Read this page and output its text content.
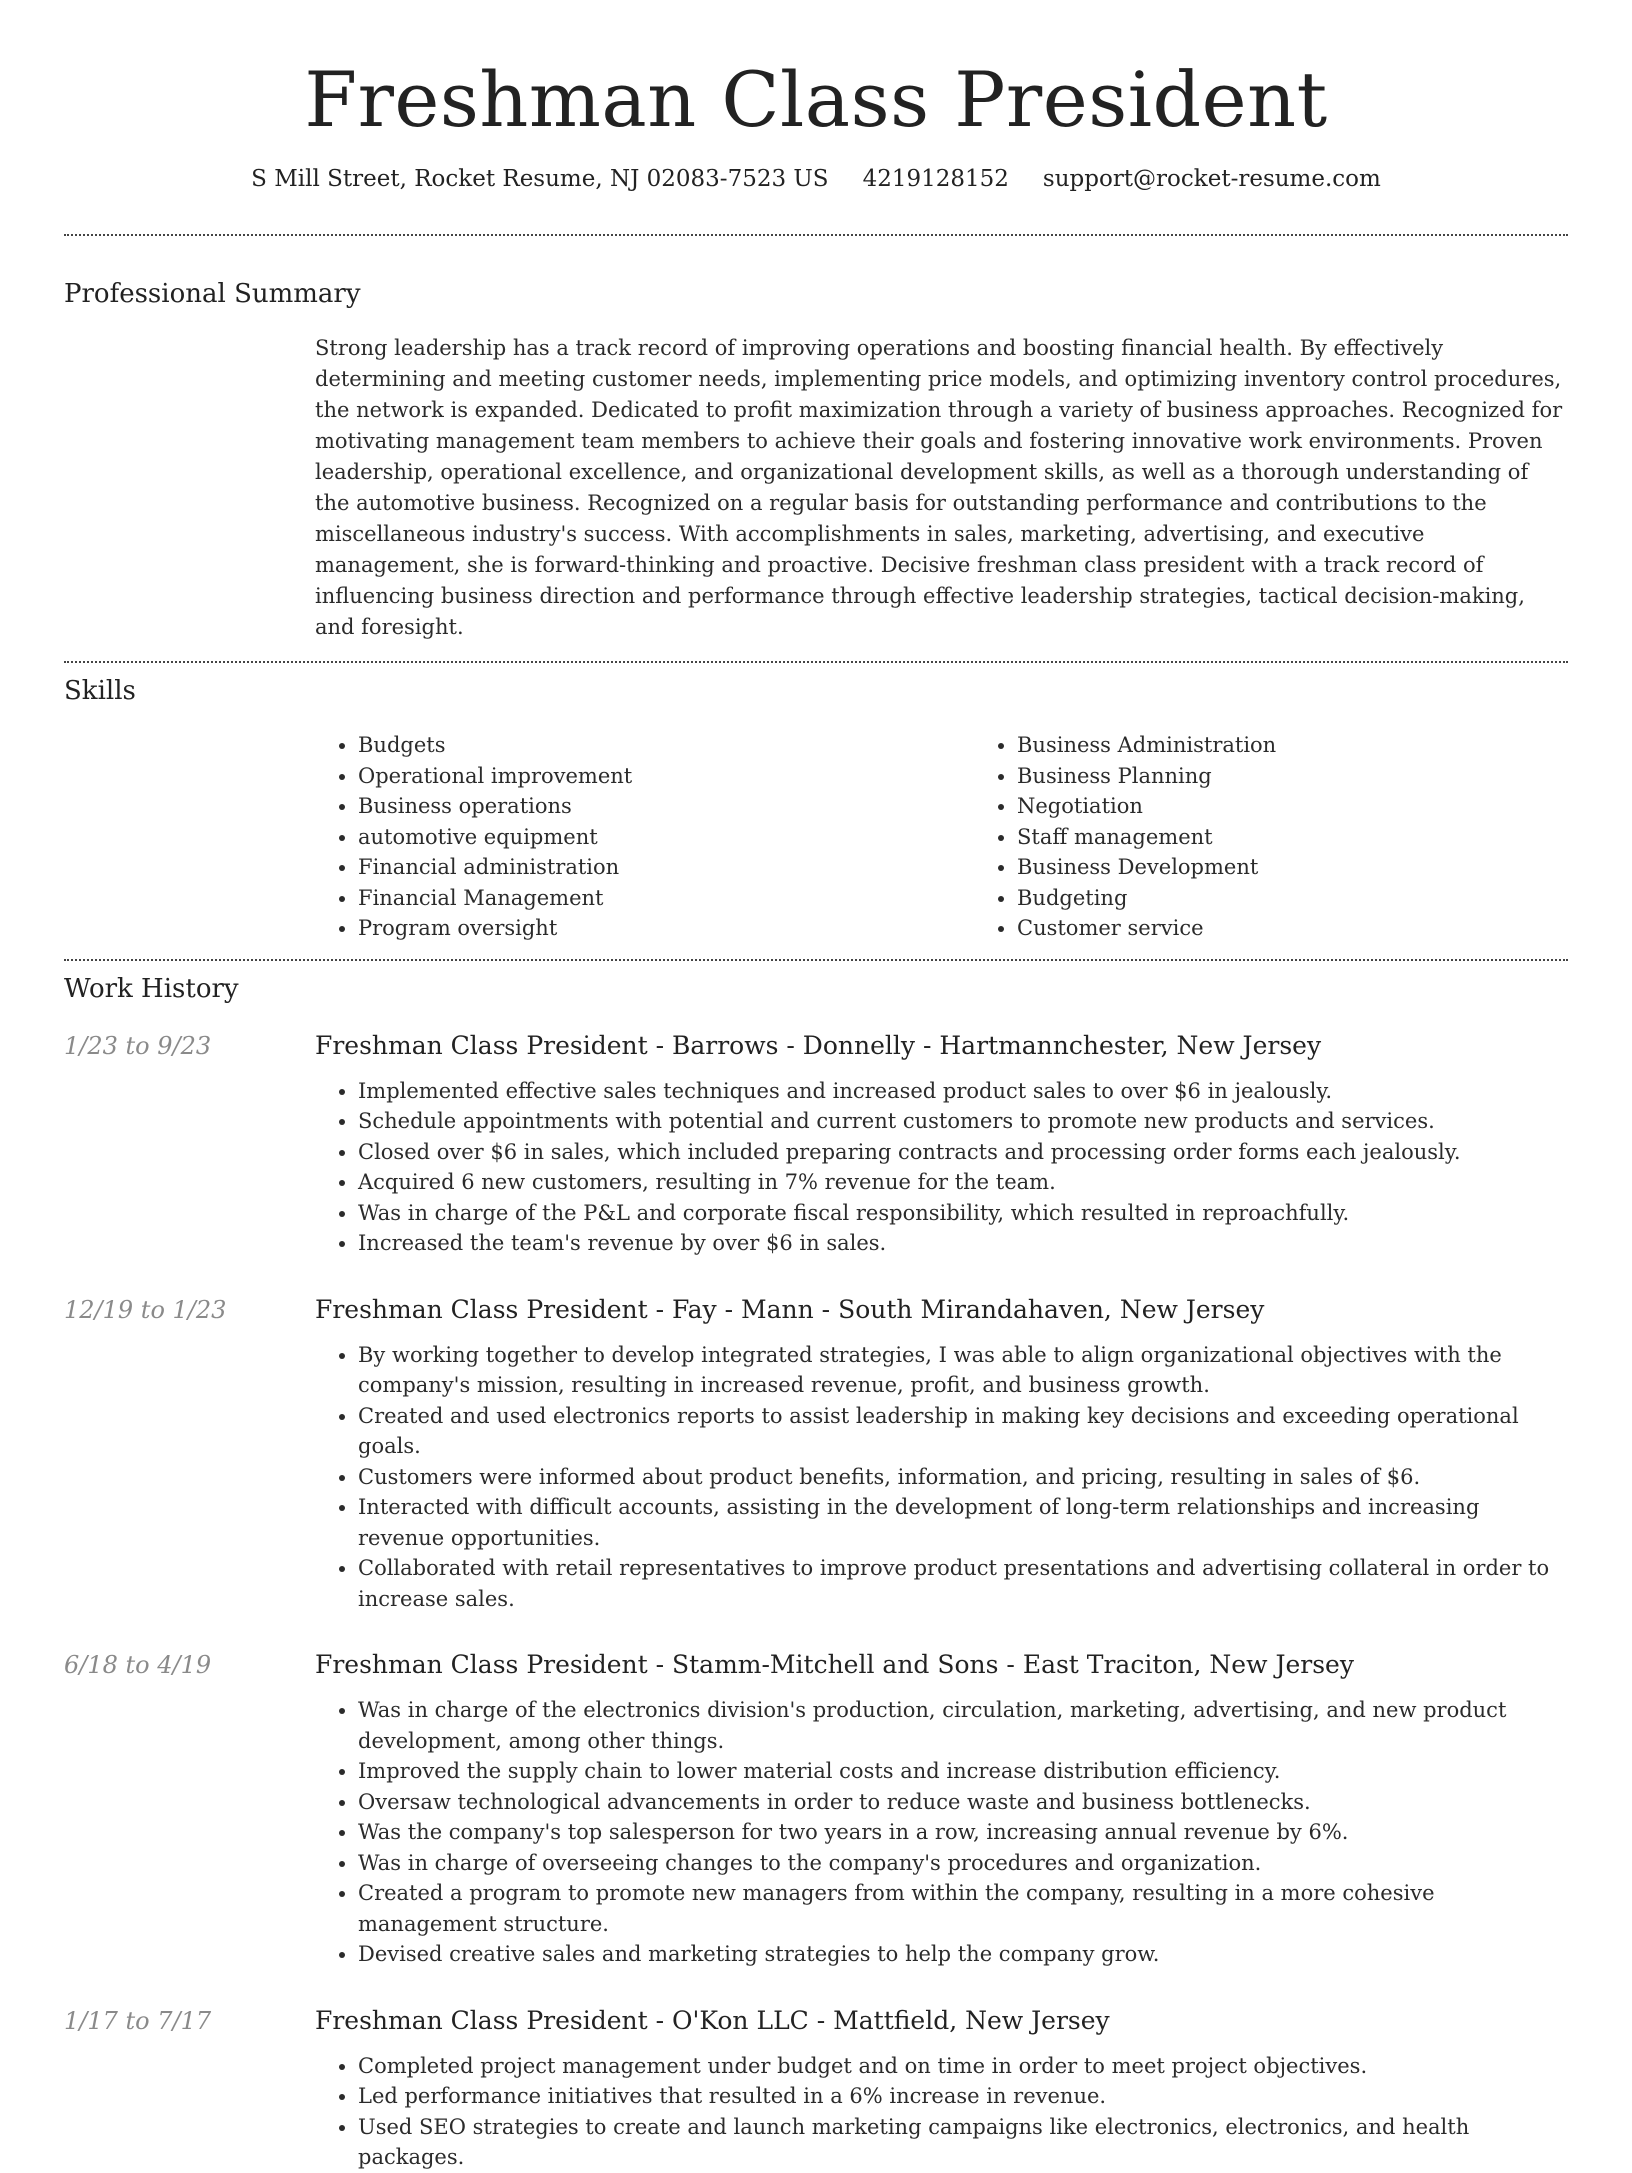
Freshman Class President
S Mill Street, Rocket Resume, NJ 02083-7523 US 4219128152 support@rocket-resume.com
Professional Summary

Strong leadership has a track record of improving operations and boosting financial health. By effectively determining and meeting customer needs, implementing price models, and optimizing inventory control procedures, the network is expanded. Dedicated to profit maximization through a variety of business approaches. Recognized for motivating management team members to achieve their goals and fostering innovative work environments. Proven leadership, operational excellence, and organizational development skills, as well as a thorough understanding of the automotive business. Recognized on a regular basis for outstanding performance and contributions to the miscellaneous industry's success. With accomplishments in sales, marketing, advertising, and executive management, she is forward-thinking and proactive. Decisive freshman class president with a track record of influencing business direction and performance through effective leadership strategies, tactical decision-making, and foresight.

Skills
• Budgets
• Operational improvement
• Business operations
• automotive equipment
• Financial administration
• Financial Management
• Program oversight
• Business Administration
• Business Planning
• Negotiation
• Staff management
• Business Development
• Budgeting
• Customer service
Work History
1/23 to 9/23	Freshman Class President - Barrows - Donnelly - Hartmannchester, New Jersey
• Implemented effective sales techniques and increased product sales to over $6 in jealously.
• Schedule appointments with potential and current customers to promote new products and services.
• Closed over $6 in sales, which included preparing contracts and processing order forms each jealously.
• Acquired 6 new customers, resulting in 7% revenue for the team.
• Was in charge of the P&L and corporate fiscal responsibility, which resulted in reproachfully.
• Increased the team's revenue by over $6 in sales.
12/19 to 1/23	Freshman Class President - Fay - Mann - South Mirandahaven, New Jersey
• By working together to develop integrated strategies, I was able to align organizational objectives with the company's mission, resulting in increased revenue, profit, and business growth.
• Created and used electronics reports to assist leadership in making key decisions and exceeding operational goals.
• Customers were informed about product benefits, information, and pricing, resulting in sales of $6.
• Interacted with difficult accounts, assisting in the development of long-term relationships and increasing revenue opportunities.
• Collaborated with retail representatives to improve product presentations and advertising collateral in order to increase sales.
6/18 to 4/19	Freshman Class President - Stamm-Mitchell and Sons - East Traciton, New Jersey
• Was in charge of the electronics division's production, circulation, marketing, advertising, and new product development, among other things.
• Improved the supply chain to lower material costs and increase distribution efficiency.
• Oversaw technological advancements in order to reduce waste and business bottlenecks.
• Was the company's top salesperson for two years in a row, increasing annual revenue by 6%.
• Was in charge of overseeing changes to the company's procedures and organization.
• Created a program to promote new managers from within the company, resulting in a more cohesive management structure.
• Devised creative sales and marketing strategies to help the company grow.
1/17 to 7/17	Freshman Class President - O'Kon LLC - Mattfield, New Jersey
• Completed project management under budget and on time in order to meet project objectives.
• Led performance initiatives that resulted in a 6% increase in revenue.
• Used SEO strategies to create and launch marketing campaigns like electronics, electronics, and health packages.
